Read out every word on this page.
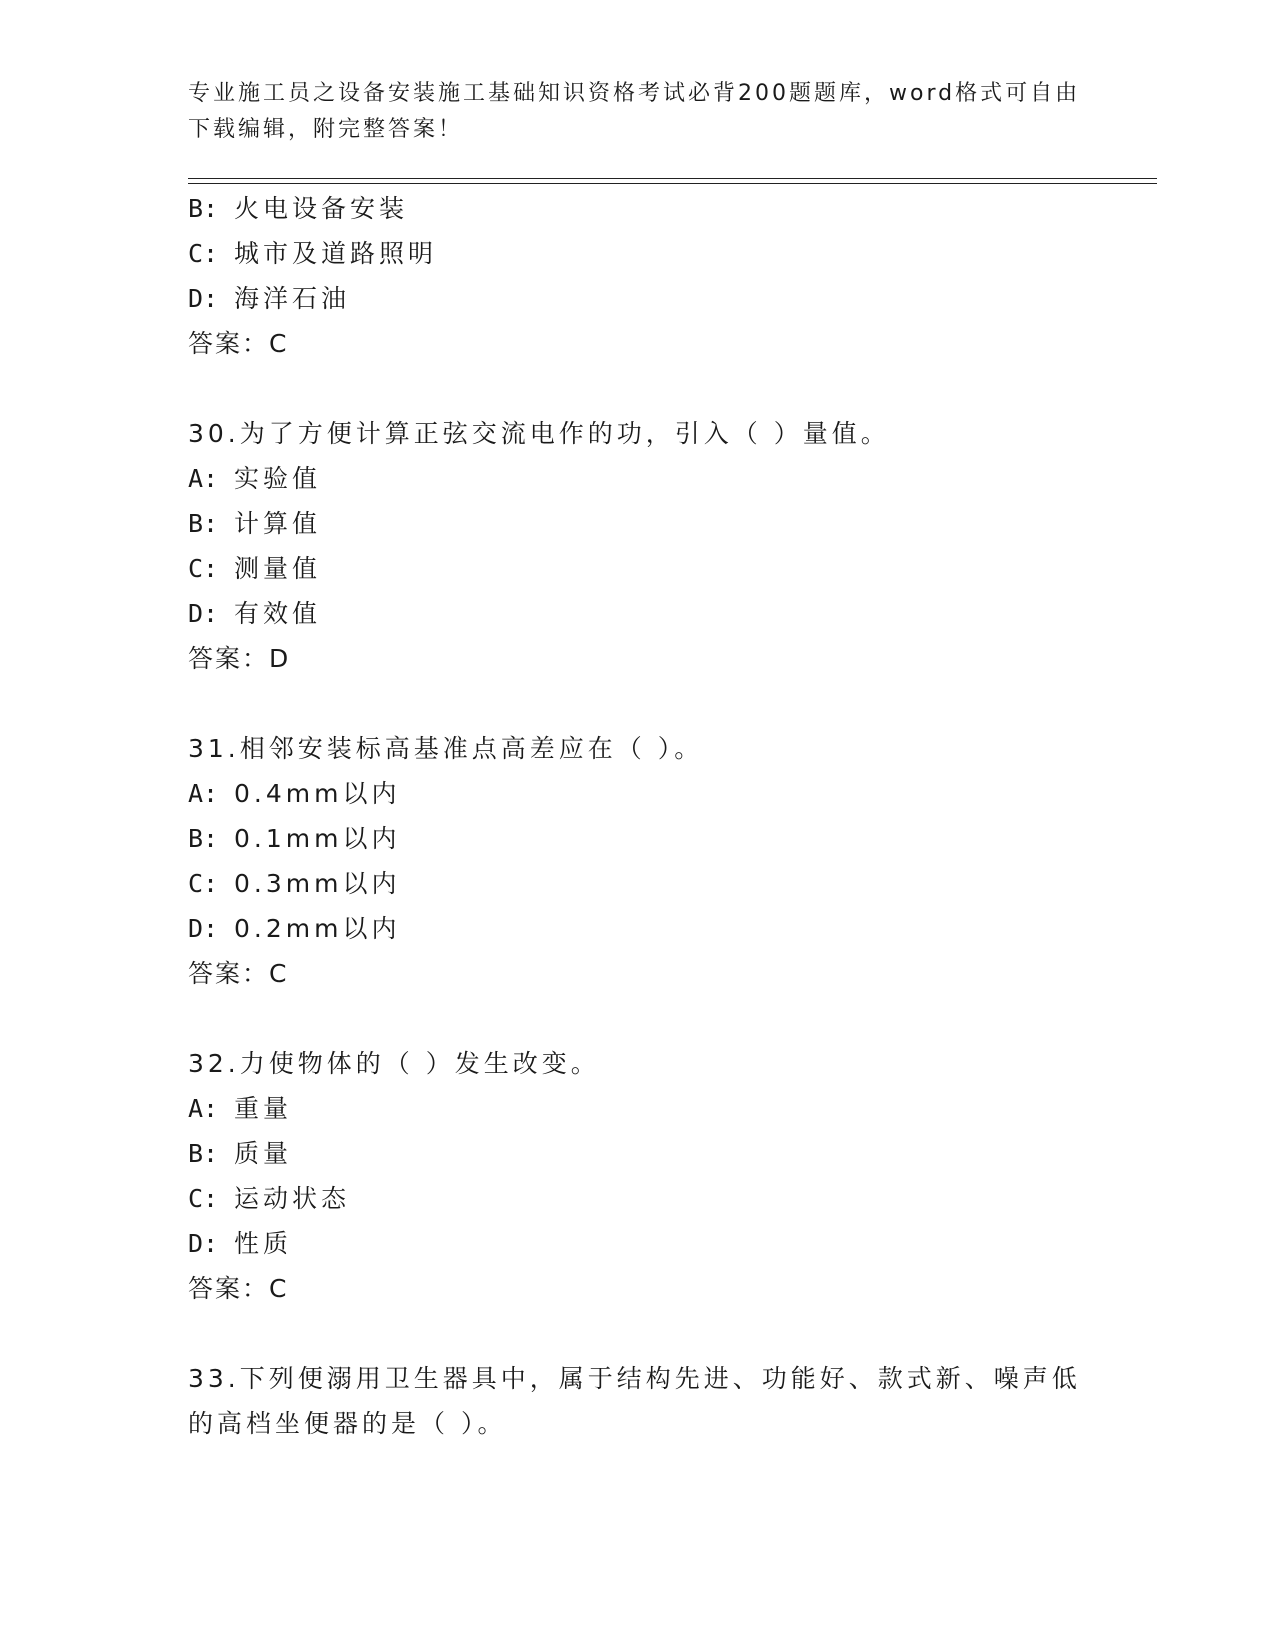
专业施工员之设备安装施工基础知识资格考试必背200题题库，word格式可自由
下载编辑，附完整答案！
B: 火电设备安装
C: 城市及道路照明
D: 海洋石油
答案：C
30.为了方便计算正弦交流电作的功，引入（ ）量值。
A: 实验值
B: 计算值
C: 测量值
D: 有效值
答案：D
31.相邻安装标高基准点高差应在（ ）。
A: 0.4mm以内
B: 0.1mm以内
C: 0.3mm以内
D: 0.2mm以内
答案：C
32.力使物体的（ ）发生改变。
A: 重量
B: 质量
C: 运动状态
D: 性质
答案：C
33.下列便溺用卫生器具中，属于结构先进、功能好、款式新、噪声低
的高档坐便器的是（ ）。
